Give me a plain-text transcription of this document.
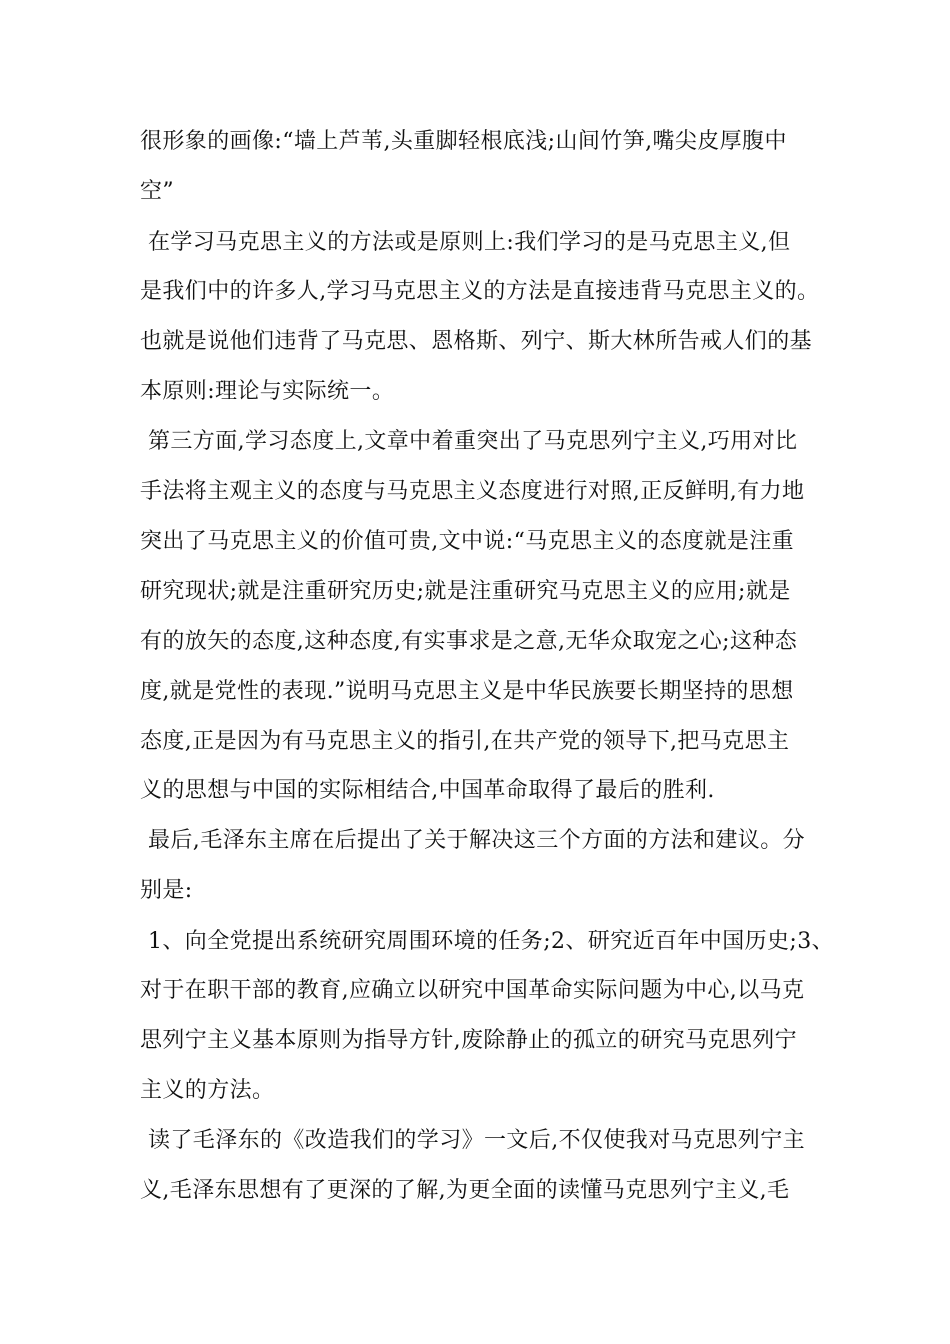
很形象的画像:“墙上芦苇,头重脚轻根底浅;山间竹笋,嘴尖皮厚腹中
空”
在学习马克思主义的方法或是原则上:我们学习的是马克思主义,但
是我们中的许多人,学习马克思主义的方法是直接违背马克思主义的。
也就是说他们违背了马克思、恩格斯、列宁、斯大林所告戒人们的基
本原则:理论与实际统一。
第三方面,学习态度上,文章中着重突出了马克思列宁主义,巧用对比
手法将主观主义的态度与马克思主义态度进行对照,正反鲜明,有力地
突出了马克思主义的价值可贵,文中说:“马克思主义的态度就是注重
研究现状;就是注重研究历史;就是注重研究马克思主义的应用;就是
有的放矢的态度,这种态度,有实事求是之意,无华众取宠之心;这种态
度,就是党性的表现.”说明马克思主义是中华民族要长期坚持的思想
态度,正是因为有马克思主义的指引,在共产党的领导下,把马克思主
义的思想与中国的实际相结合,中国革命取得了最后的胜利.
最后,毛泽东主席在后提出了关于解决这三个方面的方法和建议。分
别是:
1、向全党提出系统研究周围环境的任务;2、研究近百年中国历史;3、
对于在职干部的教育,应确立以研究中国革命实际问题为中心,以马克
思列宁主义基本原则为指导方针,废除静止的孤立的研究马克思列宁
主义的方法。
读了毛泽东的《改造我们的学习》一文后,不仅使我对马克思列宁主
义,毛泽东思想有了更深的了解,为更全面的读懂马克思列宁主义,毛
